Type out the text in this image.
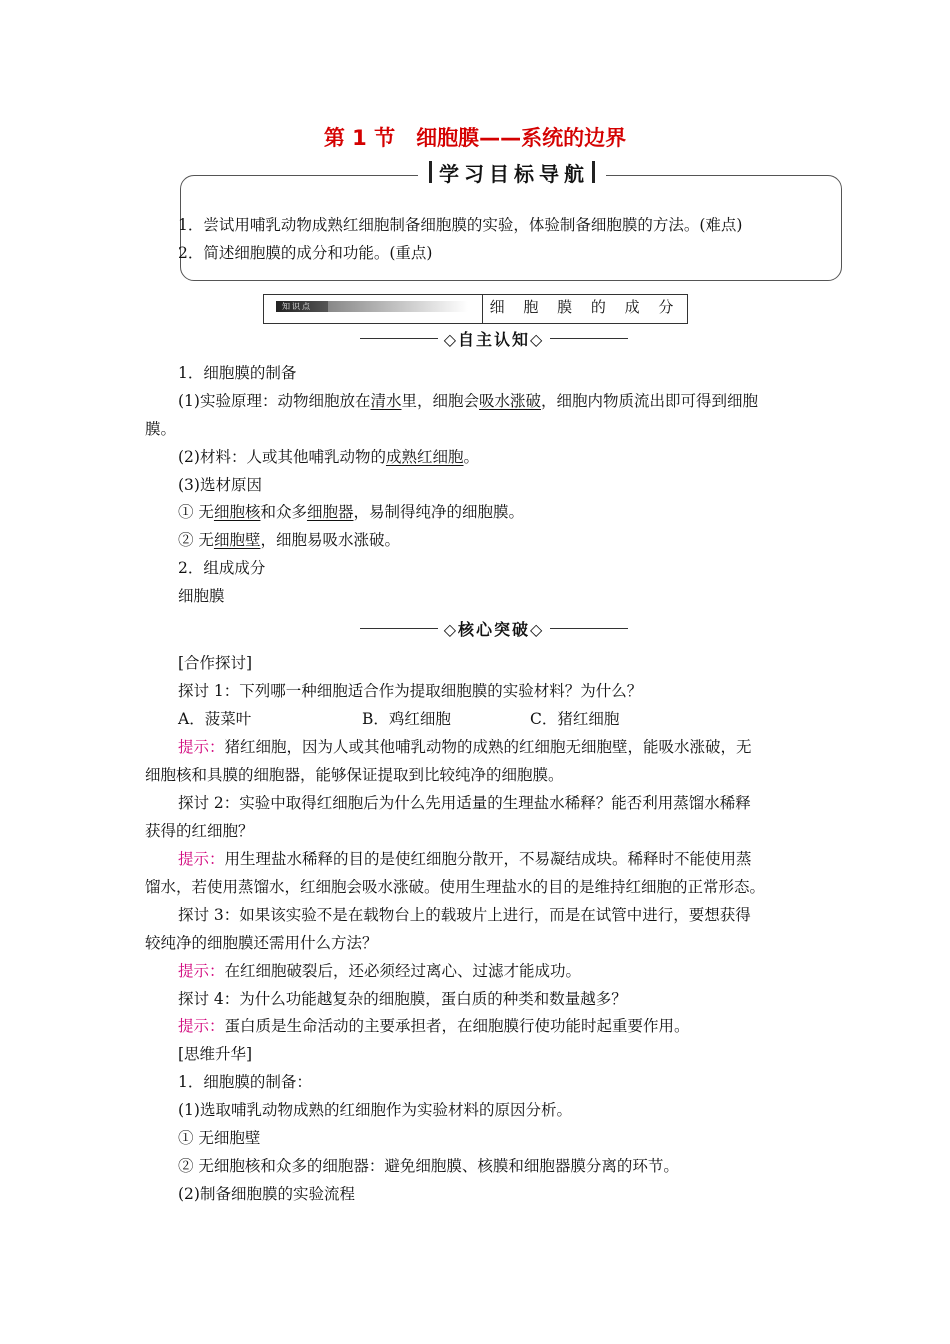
第 1 节　细胞膜——系统的边界
学习目标导航
1．尝试用哺乳动物成熟红细胞制备细胞膜的实验，体验制备细胞膜的方法。(难点)
2．简述细胞膜的成分和功能。(重点)
知识点	细 胞 膜 的 成 分
◇自主认知◇
1．细胞膜的制备
(1)实验原理：动物细胞放在清水里，细胞会吸水涨破，细胞内物质流出即可得到细胞
膜。
(2)材料：人或其他哺乳动物的成熟红细胞。
(3)选材原因
① 无细胞核和众多细胞器，易制得纯净的细胞膜。
② 无细胞壁，细胞易吸水涨破。
2．组成成分
细胞膜
◇核心突破◇
[合作探讨]
探讨 1：下列哪一种细胞适合作为提取细胞膜的实验材料？为什么？
A．菠菜叶	B．鸡红细胞	C．猪红细胞
提示：猪红细胞，因为人或其他哺乳动物的成熟的红细胞无细胞壁，能吸水涨破，无
细胞核和具膜的细胞器，能够保证提取到比较纯净的细胞膜。
探讨 2：实验中取得红细胞后为什么先用适量的生理盐水稀释？能否利用蒸馏水稀释
获得的红细胞？
提示：用生理盐水稀释的目的是使红细胞分散开，不易凝结成块。稀释时不能使用蒸
馏水，若使用蒸馏水，红细胞会吸水涨破。使用生理盐水的目的是维持红细胞的正常形态。
探讨 3：如果该实验不是在载物台上的载玻片上进行，而是在试管中进行，要想获得
较纯净的细胞膜还需用什么方法？
提示：在红细胞破裂后，还必须经过离心、过滤才能成功。
探讨 4：为什么功能越复杂的细胞膜，蛋白质的种类和数量越多？
提示：蛋白质是生命活动的主要承担者，在细胞膜行使功能时起重要作用。
[思维升华]
1．细胞膜的制备：
(1)选取哺乳动物成熟的红细胞作为实验材料的原因分析。
① 无细胞壁
② 无细胞核和众多的细胞器：避免细胞膜、核膜和细胞器膜分离的环节。
(2)制备细胞膜的实验流程
